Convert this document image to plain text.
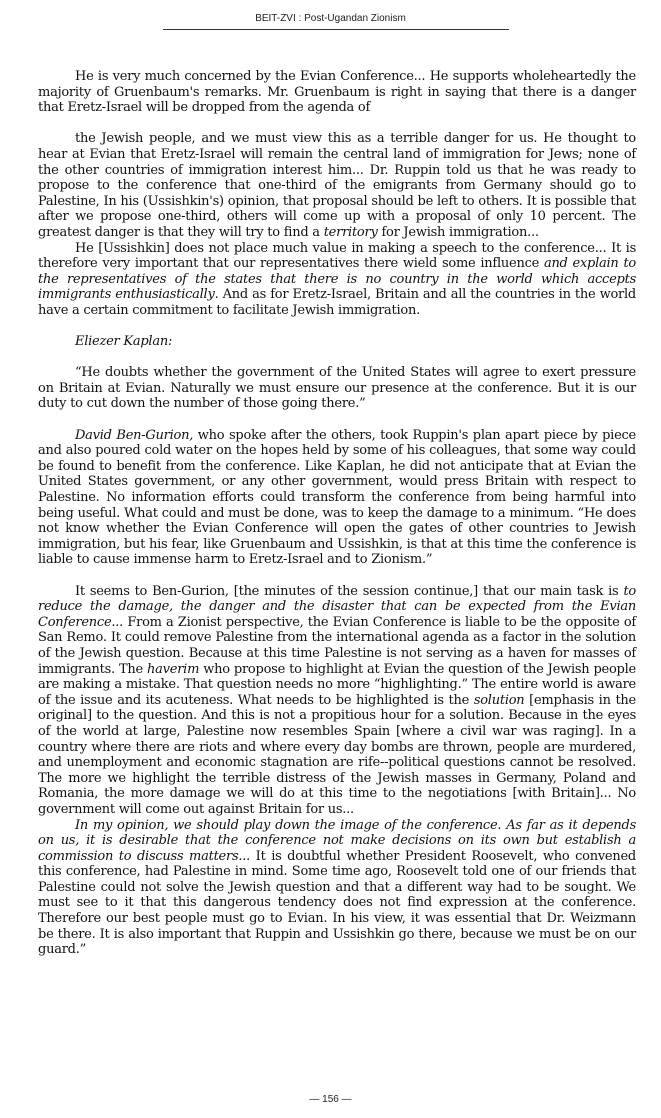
BEIT-ZVI : Post-Ugandan Zionism

He is very much concerned by the Evian Conference... He supports wholeheartedly the majority of Gruenbaum's remarks. Mr. Gruenbaum is right in saying that there is a danger that Eretz-Israel will be dropped from the agenda of

the Jewish people, and we must view this as a terrible danger for us. He thought to hear at Evian that Eretz-Israel will remain the central land of immigration for Jews; none of the other countries of immigration interest him... Dr. Ruppin told us that he was ready to propose to the conference that one-third of the emigrants from Germany should go to Palestine, In his (Ussishkin's) opinion, that proposal should be left to others. It is possible that after we propose one-third, others will come up with a proposal of only 10 percent. The greatest danger is that they will try to find a territory for Jewish immigration...

He [Ussishkin] does not place much value in making a speech to the conference... It is therefore very important that our representatives there wield some influence and explain to the representatives of the states that there is no country in the world which accepts immigrants enthusiastically. And as for Eretz-Israel, Britain and all the countries in the world have a certain commitment to facilitate Jewish immigration.

Eliezer Kaplan:

“He doubts whether the government of the United States will agree to exert pressure on Britain at Evian. Naturally we must ensure our presence at the conference. But it is our duty to cut down the number of those going there.”

David Ben-Gurion, who spoke after the others, took Ruppin's plan apart piece by piece and also poured cold water on the hopes held by some of his colleagues, that some way could be found to benefit from the conference. Like Kaplan, he did not anticipate that at Evian the United States government, or any other government, would press Britain with respect to Palestine. No information efforts could transform the conference from being harmful into being useful. What could and must be done, was to keep the damage to a minimum. “He does not know whether the Evian Conference will open the gates of other countries to Jewish immigration, but his fear, like Gruenbaum and Ussishkin, is that at this time the conference is liable to cause immense harm to Eretz-Israel and to Zionism.”

It seems to Ben-Gurion, [the minutes of the session continue,] that our main task is to reduce the damage, the danger and the disaster that can be expected from the Evian Conference... From a Zionist perspective, the Evian Conference is liable to be the opposite of San Remo. It could remove Palestine from the international agenda as a factor in the solution of the Jewish question. Because at this time Palestine is not serving as a haven for masses of immigrants. The haverim who propose to highlight at Evian the question of the Jewish people are making a mistake. That question needs no more “highlighting.” The entire world is aware of the issue and its acuteness. What needs to be highlighted is the solution [emphasis in the original] to the question. And this is not a propitious hour for a solution. Because in the eyes of the world at large, Palestine now resembles Spain [where a civil war was raging]. In a country where there are riots and where every day bombs are thrown, people are murdered, and unemployment and economic stagnation are rife--political questions cannot be resolved. The more we highlight the terrible distress of the Jewish masses in Germany, Poland and Romania, the more damage we will do at this time to the negotiations [with Britain]... No government will come out against Britain for us...

In my opinion, we should play down the image of the conference. As far as it depends on us, it is desirable that the conference not make decisions on its own but establish a commission to discuss matters... It is doubtful whether President Roosevelt, who convened this conference, had Palestine in mind. Some time ago, Roosevelt told one of our friends that Palestine could not solve the Jewish question and that a different way had to be sought. We must see to it that this dangerous tendency does not find expression at the conference. Therefore our best people must go to Evian. In his view, it was essential that Dr. Weizmann be there. It is also important that Ruppin and Ussishkin go there, because we must be on our guard.”

— 156 —
